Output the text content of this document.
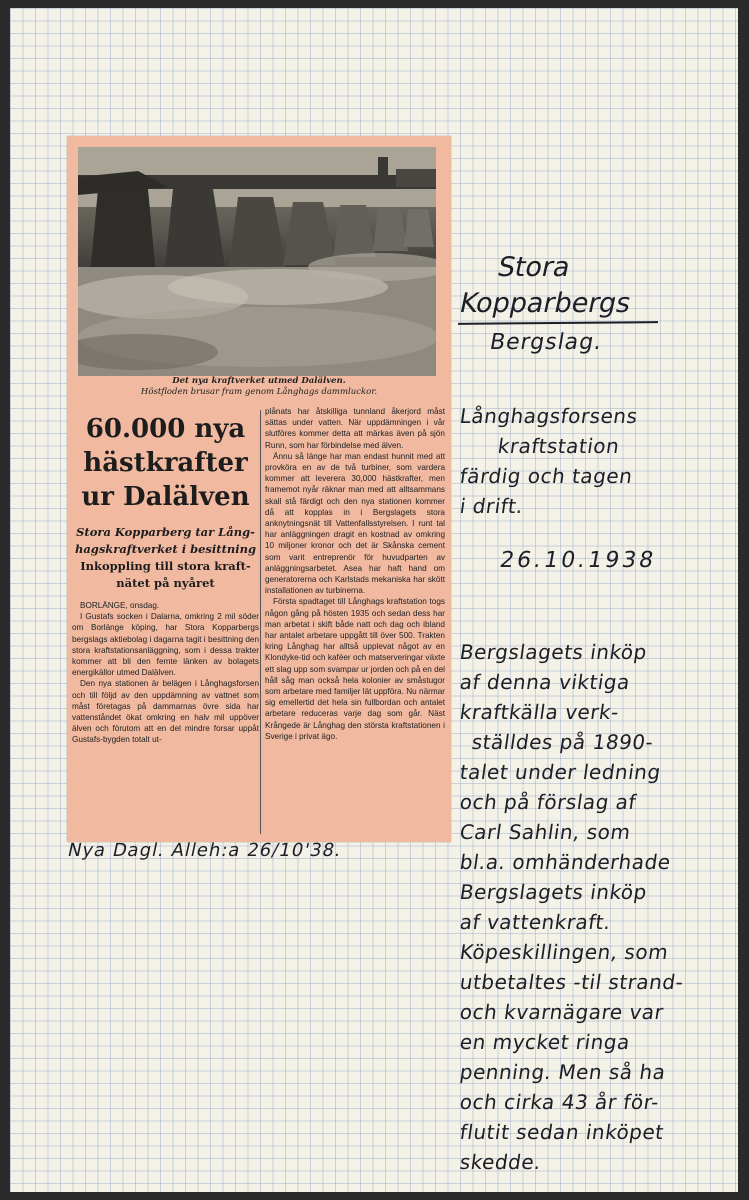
Det nya kraftverket utmed Dalälven.
Höstfloden brusar fram genom Långhags dammluckor.
60.000 nya
hästkrafter
ur Dalälven
Stora Kopparberg tar Lång-
hagskraftverket i besittning
Inkoppling till stora kraft-
nätet på nyåret
BORLÄNGE, onsdag.

I Gustafs socken i Dalarna, omkring 2 mil söder om Borlänge köping, har Stora Kopparbergs bergslags aktiebolag i dagarna tagit i besittning den stora kraftstationsanläggning, som i dessa trakter kommer att bli den femte länken av bolagets energikällor utmed Dalälven.

Den nya stationen är belägen i Långhagsforsen och till följd av den uppdämning av vattnet som måst företagas på dammarnas övre sida har vattenståndet ökat omkring en halv mil uppöver älven och förutom att en del mindre forsar uppåt Gustafs-bygden totalt ut-

plånats har åtskilliga tunnland åkerjord måst sättas under vatten. När uppdämningen i vår slutföres kommer detta att märkas även på sjön Runn, som har förbindelse med älven.

Ännu så länge har man endast hunnit med att provköra en av de två turbiner, som vardera kommer att leverera 30,000 hästkrafter, men framemot nyår räknar man med att alltsammans skall stå färdigt och den nya stationen kommer då att kopplas in i Bergslagets stora anknytningsnät till Vattenfallsstyrelsen. I runt tal har anläggningen dragit en kostnad av omkring 10 miljoner kronor och det är Skånska cement som varit entreprenör för huvudparten av anläggningsarbetet. Asea har haft hand om generatorerna och Karlstads mekaniska har skött installationen av turbinerna.

Första spadtaget till Långhags kraftstation togs någon gång på hösten 1935 och sedan dess har man arbetat i skift både natt och dag och ibland har antalet arbetare uppgått till över 500. Trakten kring Långhag har alltså upplevat något av en Klondyke-tid och kaféer och matserveringar växte ett slag upp som svampar ur jorden och på en del håll såg man också hela kolonier av småstugor som arbetare med familjer lät uppföra. Nu närmar sig emellertid det hela sin fullbordan och antalet arbetare reduceras varje dag som går. Näst Krångede är Långhag den största kraftstationen i Sverige i privat ägo.

Nya Dagl. Alleh:a 26/10'38.
Stora
Kopparbergs
Bergslag.
Långhagsforsens
kraftstation
färdig och tagen
i drift.
26.10.1938
Bergslagets inköp
af denna viktiga
kraftkälla verk-
ställdes på 1890-
talet under ledning
och på förslag af
Carl Sahlin, som
bl.a. omhänderhade
Bergslagets inköp
af vattenkraft.
Köpeskillingen, som
utbetaltes -til strand-
och kvarnägare var
en mycket ringa
penning. Men så ha
och cirka 43 år för-
flutit sedan inköpet
skedde.
